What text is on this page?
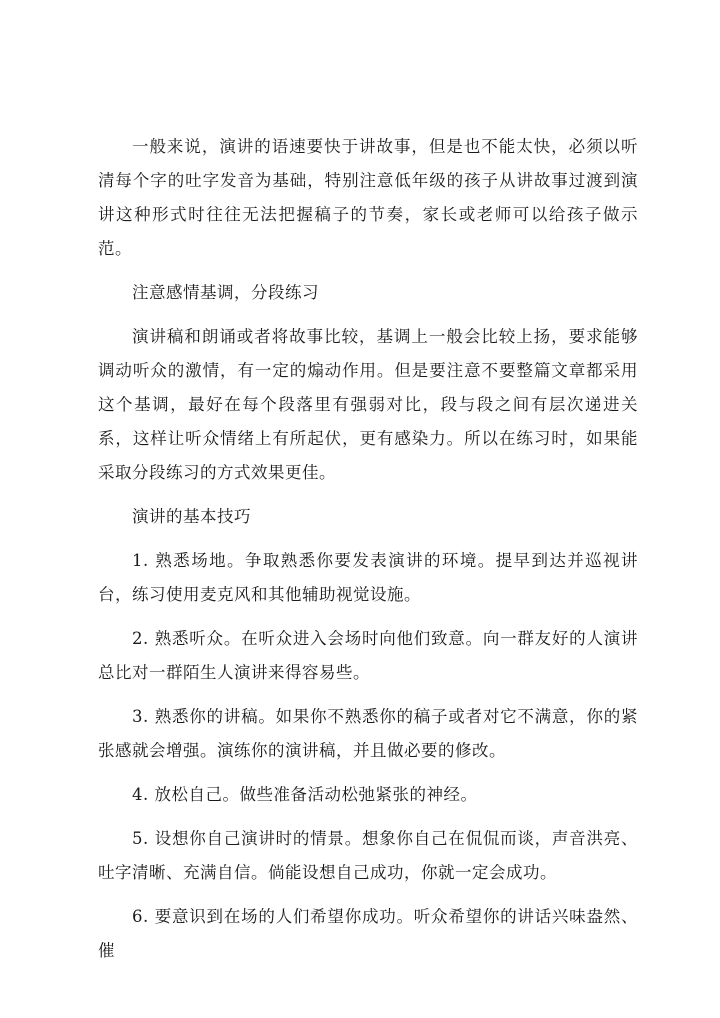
一般来说，演讲的语速要快于讲故事，但是也不能太快，必须以听清每个字的吐字发音为基础，特别注意低年级的孩子从讲故事过渡到演讲这种形式时往往无法把握稿子的节奏，家长或老师可以给孩子做示范。

注意感情基调，分段练习

演讲稿和朗诵或者将故事比较，基调上一般会比较上扬，要求能够调动听众的激情，有一定的煽动作用。但是要注意不要整篇文章都采用这个基调，最好在每个段落里有强弱对比，段与段之间有层次递进关系，这样让听众情绪上有所起伏，更有感染力。所以在练习时，如果能采取分段练习的方式效果更佳。

演讲的基本技巧

1. 熟悉场地。争取熟悉你要发表演讲的环境。提早到达并巡视讲台，练习使用麦克风和其他辅助视觉设施。

2. 熟悉听众。在听众进入会场时向他们致意。向一群友好的人演讲总比对一群陌生人演讲来得容易些。

3. 熟悉你的讲稿。如果你不熟悉你的稿子或者对它不满意，你的紧张感就会增强。演练你的演讲稿，并且做必要的修改。

4. 放松自己。做些准备活动松弛紧张的神经。

5. 设想你自己演讲时的情景。想象你自己在侃侃而谈，声音洪亮、吐字清晰、充满自信。倘能设想自己成功，你就一定会成功。

6. 要意识到在场的人们希望你成功。听众希望你的讲话兴味盎然、催
